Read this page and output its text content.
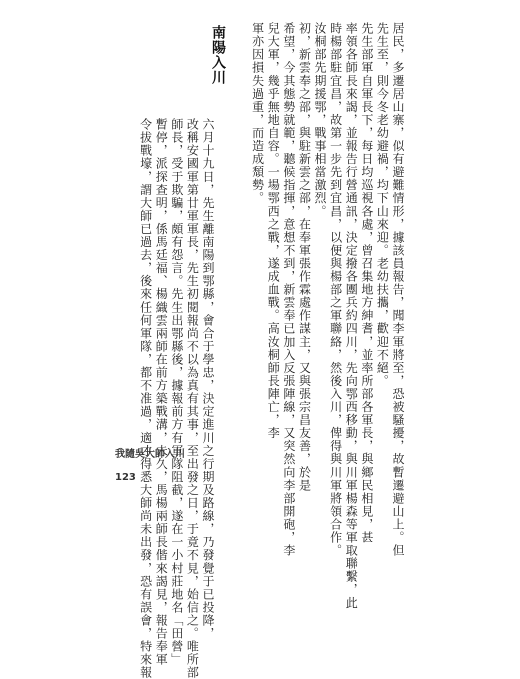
居民，多遷居山寨，似有避難情形，據該員報告，聞李軍將至，恐被騷擾，故暫遷避山上。但
先生至，則今冬老幼避禍，均下山來迎。老幼扶攜，歡迎不絕。
先生部軍自軍長下，每日均巡視各處，曾召集地方紳耆，並率所部各軍長，與鄉民相見，甚
率領各師長來謁，並報告行營通訊，決定撥各團兵約四川，先向鄂西移動，與川軍楊森等軍取聯繫，此
時楊部駐宜昌，故第一步先到宜昌，以便與楊部之軍聯絡，然後入川，俾得與川軍將領合作。
汝桐部先期援鄂，戰事相當激烈。
初，新雲奉之部，與駐新雲之部，在奉軍張作霖處作謀主，又與張宗昌友善，於是
希望，今其態勢就範，聽候指揮，意想不到，新雲奉已加入反張陣線，又突然向李部開砲，李
兒大軍，幾乎無地自容。一場鄂西之戰，遂成血戰。高汝桐師長陣亡，李
軍亦因損失過重，而造成頹勢。
南陽入川
六月十九日，先生離南陽到鄂縣，會合于學忠，決定進川之行期及路線，乃發覺于已投降，
改稱安國軍第廿軍軍長，先生初閱報尚不以為真有其事，至出發之日，于竟不見，始信之。唯所部
師長，受于欺騙，頗有怨言。先生出鄂縣後，據報前方有軍隊阻截，遂在一小村莊地名「田營」
暫停，派探查明，係馬廷福、楊織雲兩師在前方築戰溝，未久，馬楊兩師長偕來謁見，報告奉軍
令拔戰壕，謂大師已過去，後來任何軍隊，都不准過，適才得悉大師尚未出發，恐有誤會，特來報
我隨吳大帥入川
123
